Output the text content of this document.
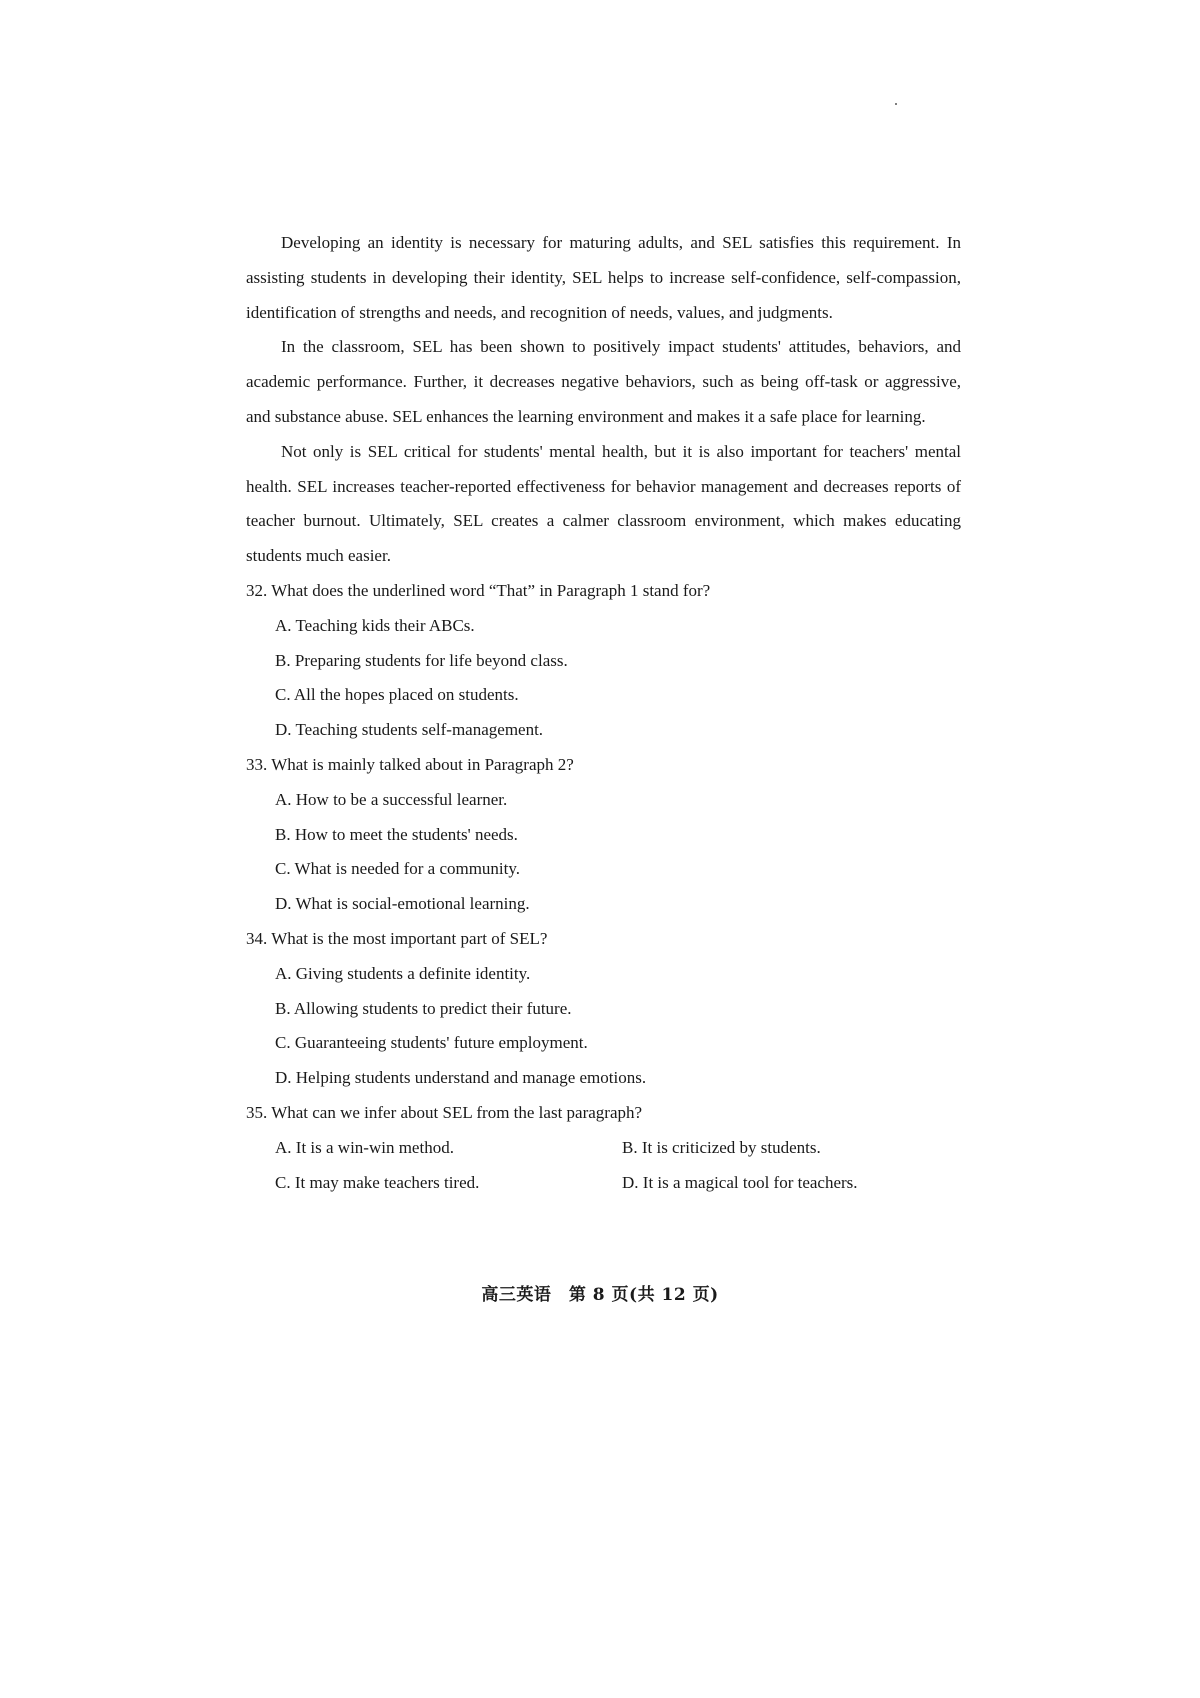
Developing an identity is necessary for maturing adults, and SEL satisfies this requirement. In assisting students in developing their identity, SEL helps to increase self-confidence, self-compassion, identification of strengths and needs, and recognition of needs, values, and judgments.

In the classroom, SEL has been shown to positively impact students' attitudes, behaviors, and academic performance. Further, it decreases negative behaviors, such as being off-task or aggressive, and substance abuse. SEL enhances the learning environment and makes it a safe place for learning.

Not only is SEL critical for students' mental health, but it is also important for teachers' mental health. SEL increases teacher-reported effectiveness for behavior management and decreases reports of teacher burnout. Ultimately, SEL creates a calmer classroom environment, which makes educating students much easier.

32. What does the underlined word “That” in Paragraph 1 stand for?

A. Teaching kids their ABCs.

B. Preparing students for life beyond class.

C. All the hopes placed on students.

D. Teaching students self-management.

33. What is mainly talked about in Paragraph 2?

A. How to be a successful learner.

B. How to meet the students' needs.

C. What is needed for a community.

D. What is social-emotional learning.

34. What is the most important part of SEL?

A. Giving students a definite identity.

B. Allowing students to predict their future.

C. Guaranteeing students' future employment.

D. Helping students understand and manage emotions.

35. What can we infer about SEL from the last paragraph?

A. It is a win-win method.	B. It is criticized by students.

C. It may make teachers tired.	D. It is a magical tool for teachers.

高三英语　第 8 页(共 12 页)
